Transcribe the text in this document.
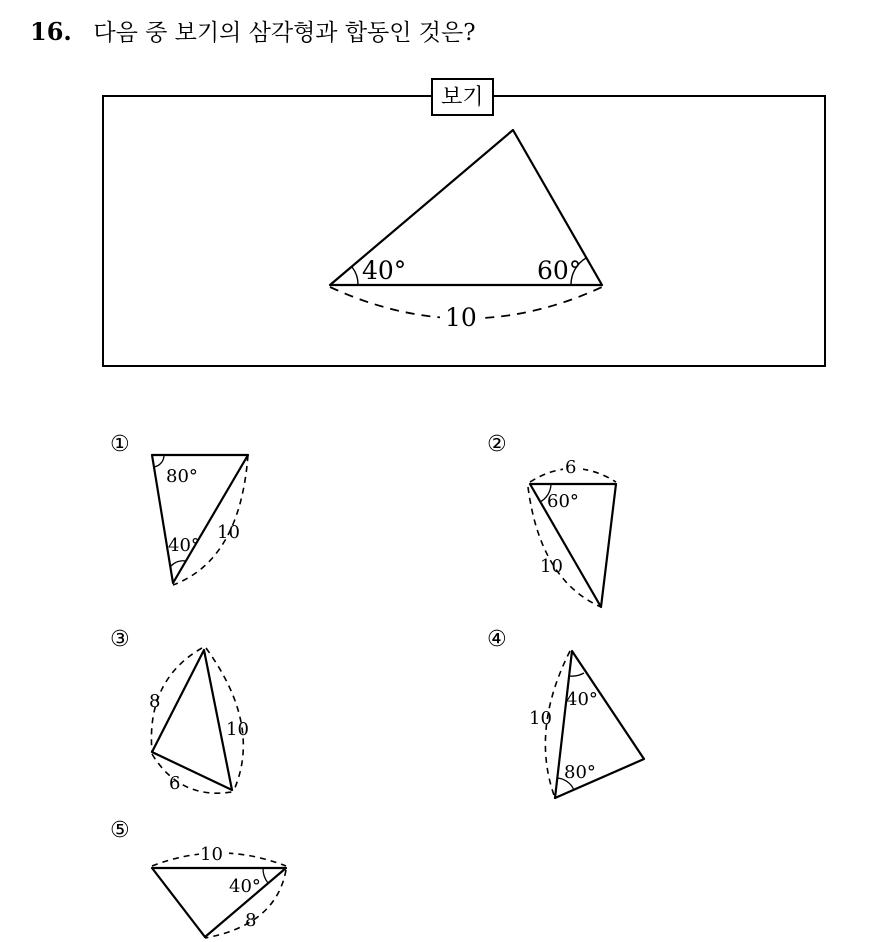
16. 다음 중 보기의 삼각형과 합동인 것은?
보기
40°	60°
10
80°
40°
10
6
60°
10
8
10
6
10
40°
80°
10
40°
8
①	②
③	④
⑤
